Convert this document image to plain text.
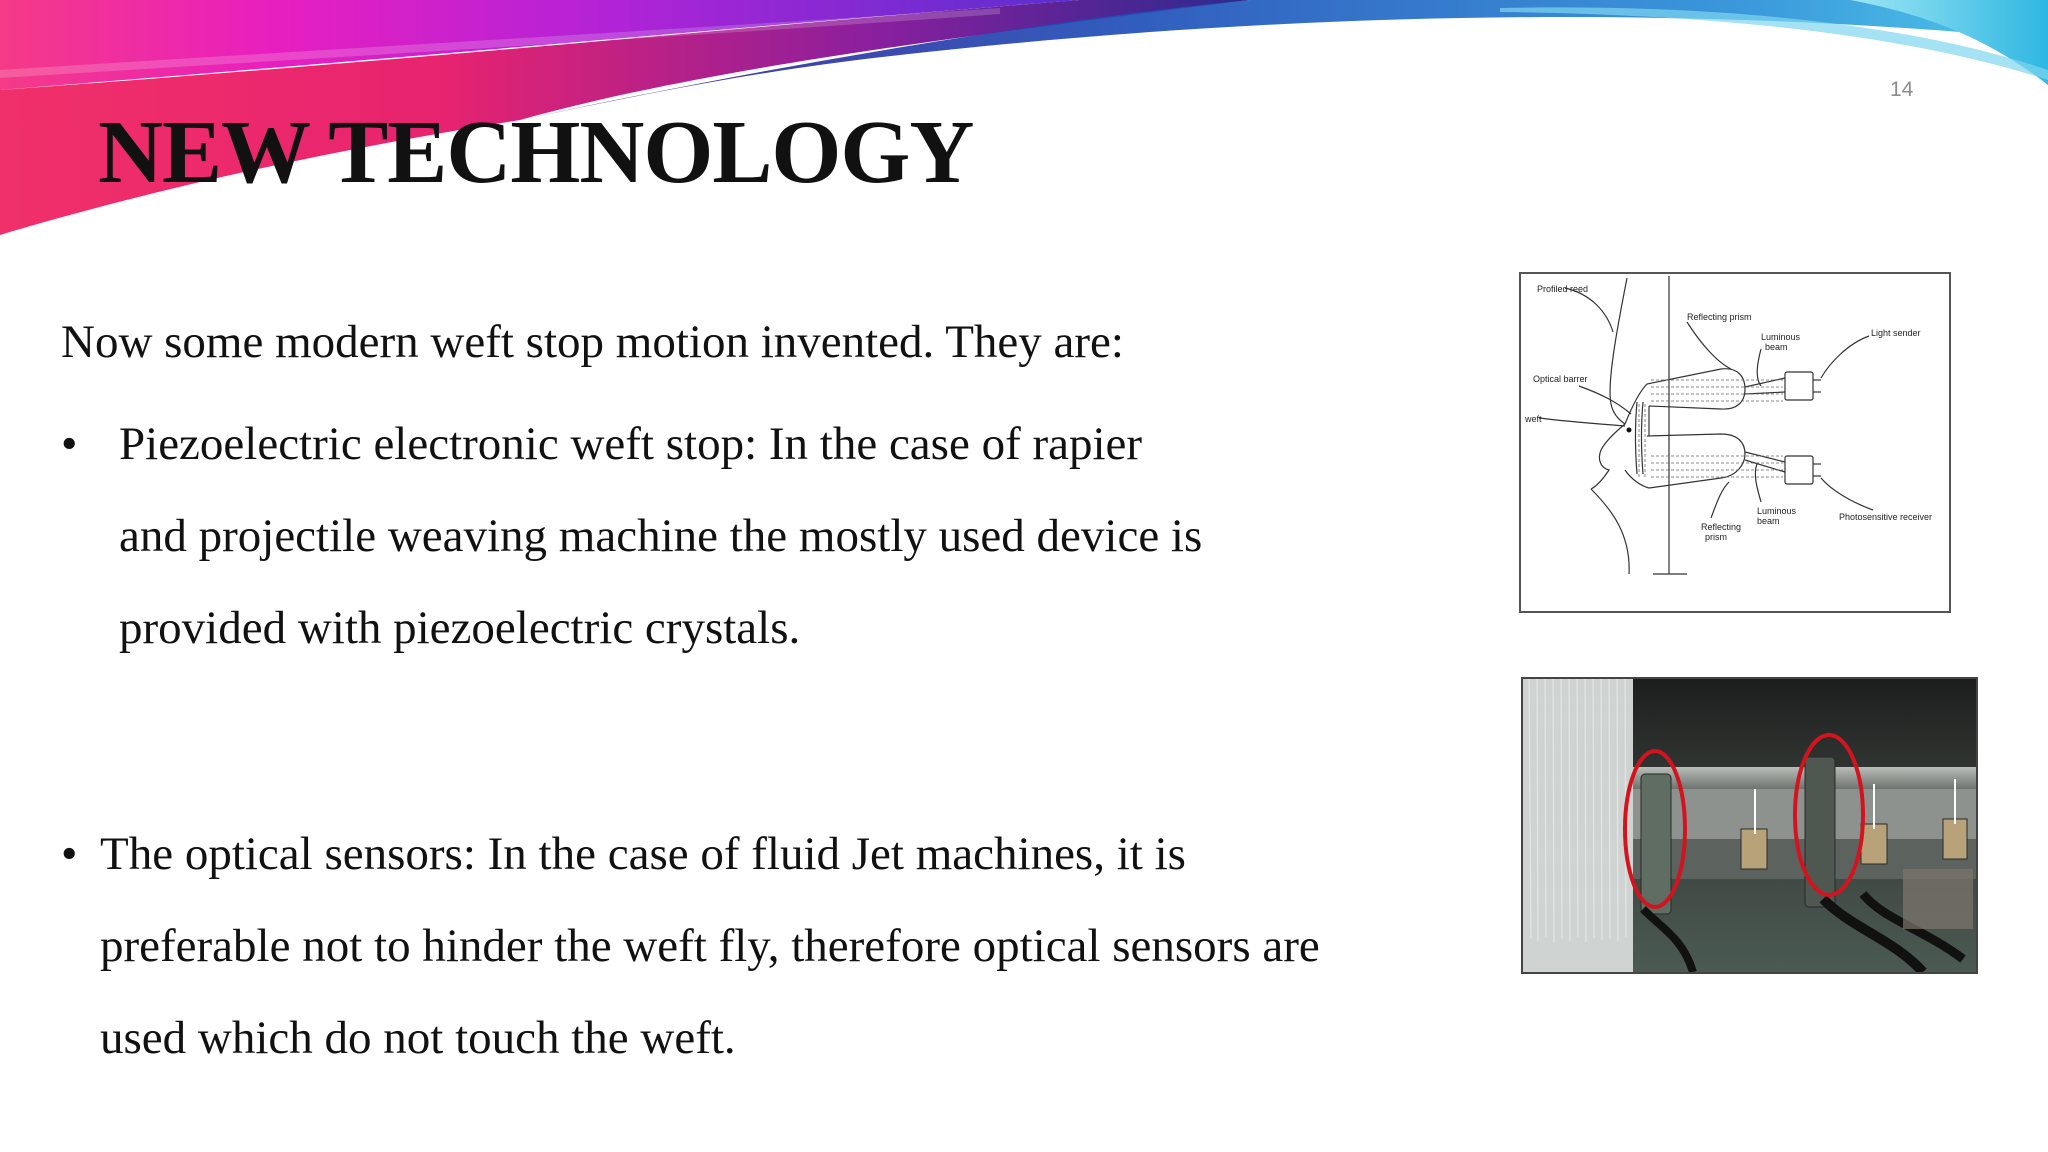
14
NEW TECHNOLOGY
Now some modern weft stop motion invented. They are:
• Piezoelectric electronic weft stop: In the case of rapier
and projectile weaving machine the mostly used device is
provided with piezoelectric crystals.
• The optical sensors: In the case of fluid Jet machines, it is
preferable not to hinder the weft fly, therefore optical sensors are
used which do not touch the weft.
Profiled reed
Reflecting prism
Luminous
beam
Light sender
Optical barrer
weft
Luminous
beam	Photosensitive receiver
Reflecting
prism
